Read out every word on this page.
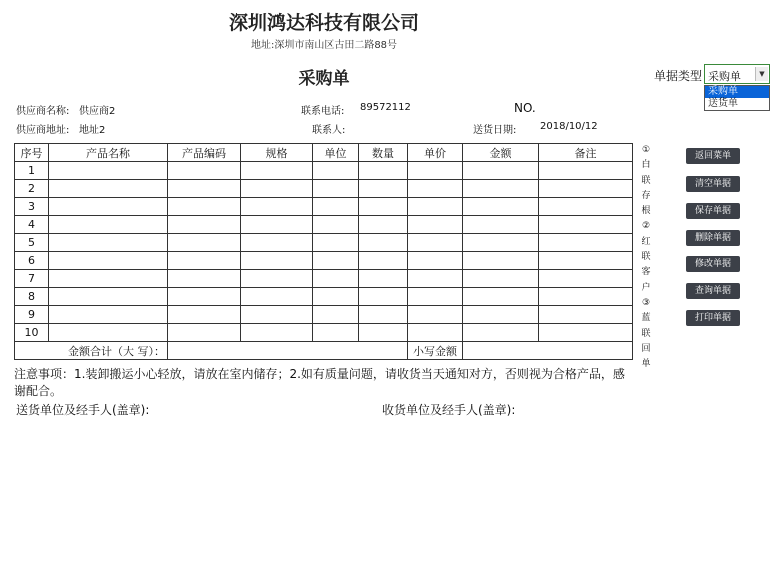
深圳鸿达科技有限公司
地址:深圳市南山区古田二路88号
采购单	单据类型 采购单	▼
采购单
送货单
供应商名称: 供应商2	联系电话: 89572112	NO.
供应商地址: 地址2	联系人:	送货日期: 2018/10/12
序号	产品名称	产品编码	规格	单位	数量	单价	金额	备注
1								
2								
3								
4								
5								
6								
7								
8								
9								
10								
金额合计（大 写）：						小写金额		
①
白
联
存
根
②
红
联
客
户
③
蓝
联
回
单
返回菜单
清空单据
保存单据
删除单据
修改单据
查询单据
打印单据
注意事项：1.装卸搬运小心轻放，请放在室内储存；2.如有质量问题，请收货当天通知对方，否则视为合格产品，感谢配合。
送货单位及经手人(盖章):	收货单位及经手人(盖章):
